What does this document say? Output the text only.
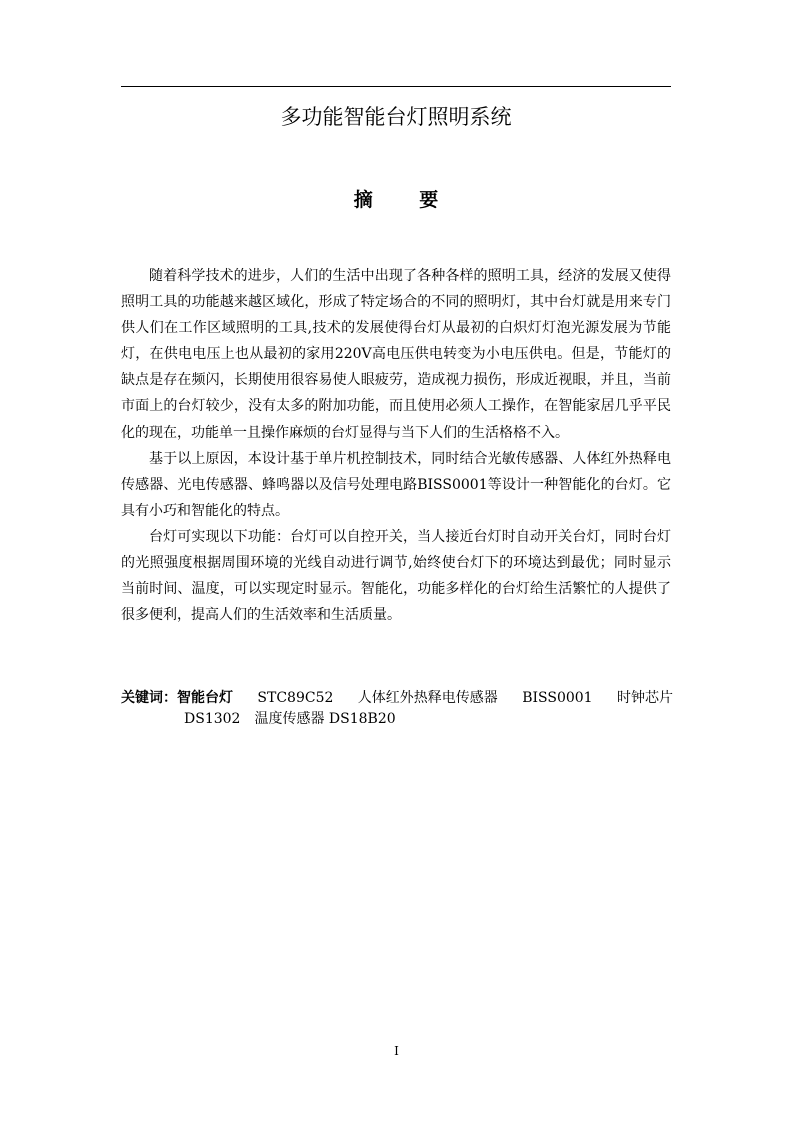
多功能智能台灯照明系统
摘 要

随着科学技术的进步，人们的生活中出现了各种各样的照明工具，经济的发展又使得照明工具的功能越来越区域化，形成了特定场合的不同的照明灯，其中台灯就是用来专门供人们在工作区域照明的工具,技术的发展使得台灯从最初的白炽灯灯泡光源发展为节能灯，在供电电压上也从最初的家用220V高电压供电转变为小电压供电。但是，节能灯的缺点是存在频闪，长期使用很容易使人眼疲劳，造成视力损伤，形成近视眼，并且，当前市面上的台灯较少，没有太多的附加功能，而且使用必须人工操作，在智能家居几乎平民化的现在，功能单一且操作麻烦的台灯显得与当下人们的生活格格不入。

基于以上原因，本设计基于单片机控制技术，同时结合光敏传感器、人体红外热释电传感器、光电传感器、蜂鸣器以及信号处理电路BISS0001等设计一种智能化的台灯。它具有小巧和智能化的特点。

台灯可实现以下功能：台灯可以自控开关，当人接近台灯时自动开关台灯，同时台灯的光照强度根据周围环境的光线自动进行调节,始终使台灯下的环境达到最优；同时显示当前时间、温度，可以实现定时显示。智能化，功能多样化的台灯给生活繁忙的人提供了很多便利，提高人们的生活效率和生活质量。

关键词：智能台灯 STC89C52 人体红外热释电传感器 BISS0001 时钟芯片
DS1302 温度传感器 DS18B20
I
